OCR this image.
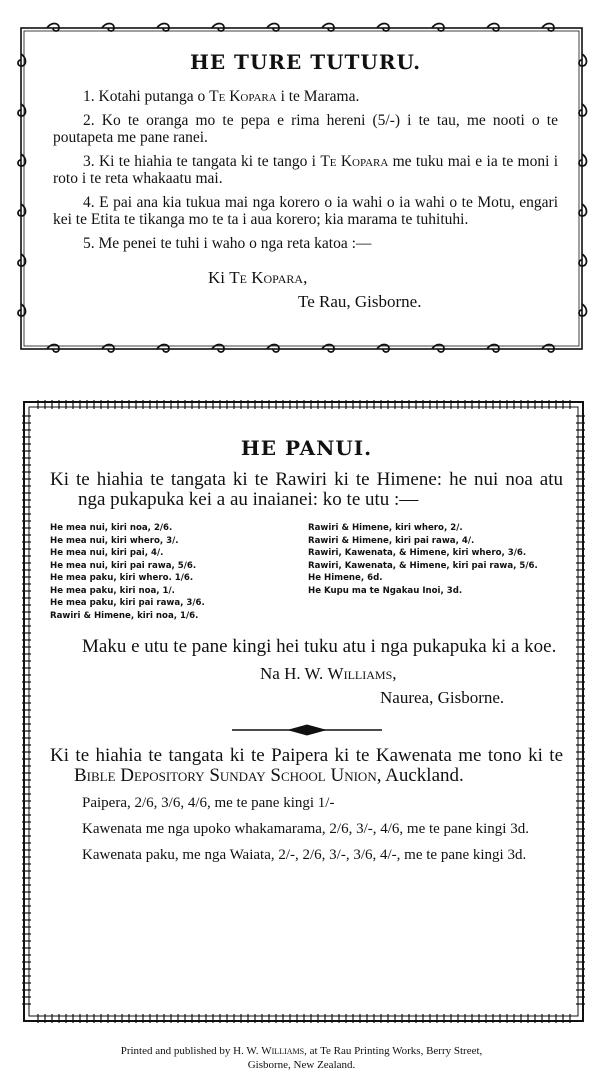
HE TURE TUTURU.

1. Kotahi putanga o Te Kopara i te Marama.

2. Ko te oranga mo te pepa e rima hereni (5/-) i te tau, me nooti o te poutapeta me pane ranei.

3. Ki te hiahia te tangata ki te tango i Te Kopara me tuku mai e ia te moni i roto i te reta whakaatu mai.

4. E pai ana kia tukua mai nga korero o ia wahi o ia wahi o te Motu, engari kei te Etita te tikanga mo te ta i aua korero; kia marama te tuhituhi.

5. Me penei te tuhi i waho o nga reta katoa :—

Ki Te Kopara,
Te Rau, Gisborne.
HE PANUI.

Ki te hiahia te tangata ki te Rawiri ki te Himene: he nui noa atu nga pukapuka kei a au inaianei: ko te utu :—

He mea nui, kiri noa, 2/6.
He mea nui, kiri whero, 3/.
He mea nui, kiri pai, 4/.
He mea nui, kiri pai rawa, 5/6.
He mea paku, kiri whero. 1/6.
He mea paku, kiri noa, 1/.
He mea paku, kiri pai rawa, 3/6.
Rawiri & Himene, kiri noa, 1/6.
Rawiri & Himene, kiri whero, 2/.
Rawiri & Himene, kiri pai rawa, 4/.
Rawiri, Kawenata, & Himene, kiri whero, 3/6.
Rawiri, Kawenata, & Himene, kiri pai rawa, 5/6.
He Himene, 6d.
He Kupu ma te Ngakau Inoi, 3d.

Maku e utu te pane kingi hei tuku atu i nga pukapuka ki a koe.

Na H. W. Williams,
Naurea, Gisborne.

Ki te hiahia te tangata ki te Paipera ki te Kawenata me tono ki te Bible Depository Sunday School Union, Auckland.

Paipera, 2/6, 3/6, 4/6, me te pane kingi 1/-

Kawenata me nga upoko whakamarama, 2/6, 3/-, 4/6, me te pane kingi 3d.

Kawenata paku, me nga Waiata, 2/-, 2/6, 3/-, 3/6, 4/-, me te pane kingi 3d.

Printed and published by H. W. Williams, at Te Rau Printing Works, Berry Street,
Gisborne, New Zealand.
